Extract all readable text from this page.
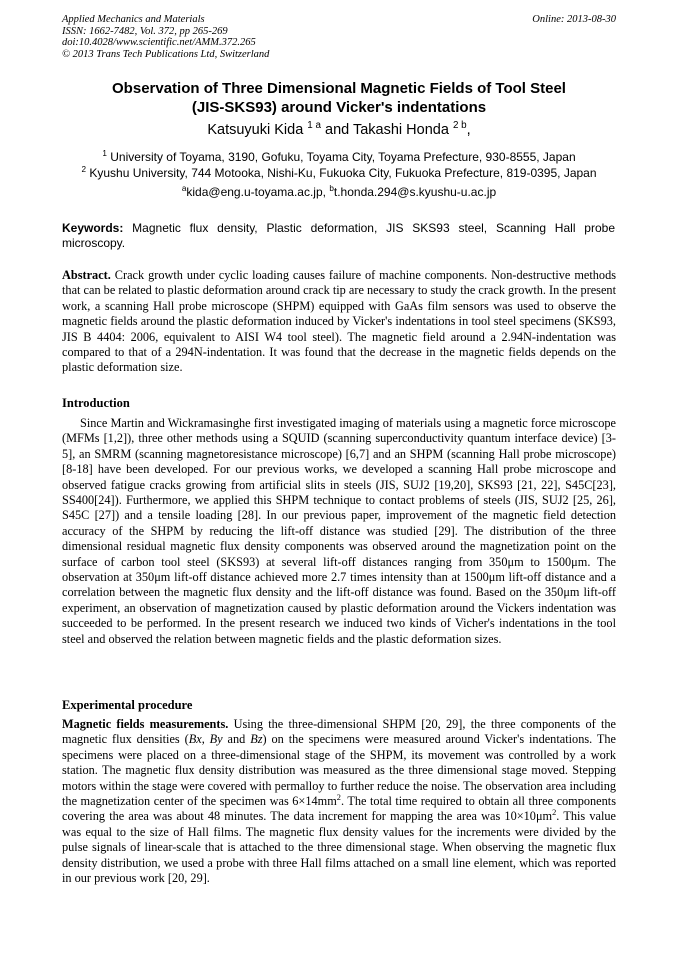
Applied Mechanics and Materials
ISSN: 1662-7482, Vol. 372, pp 265-269
doi:10.4028/www.scientific.net/AMM.372.265
© 2013 Trans Tech Publications Ltd, Switzerland
Online: 2013-08-30
Observation of Three Dimensional Magnetic Fields of Tool Steel
(JIS-SKS93) around Vicker's indentations
Katsuyuki Kida $^{1 a}$ and Takashi Honda $^{2 b}$,
$^1$ University of Toyama, 3190, Gofuku, Toyama City, Toyama Prefecture, 930-8555, Japan
$^2$ Kyushu University, 744 Motooka, Nishi-Ku, Fukuoka City, Fukuoka Prefecture, 819-0395, Japan
$^a$kida@eng.u-toyama.ac.jp, $^b$t.honda.294@s.kyushu-u.ac.jp
Keywords: Magnetic flux density, Plastic deformation, JIS SKS93 steel, Scanning Hall probe microscopy.
Abstract. Crack growth under cyclic loading causes failure of machine components. Non-destructive methods that can be related to plastic deformation around crack tip are necessary to study the crack growth. In the present work, a scanning Hall probe microscope (SHPM) equipped with GaAs film sensors was used to observe the magnetic fields around the plastic deformation induced by Vicker's indentations in tool steel specimens (SKS93, JIS B 4404: 2006, equivalent to AISI W4 tool steel). The magnetic field around a 2.94N-indentation was compared to that of a 294N-indentation. It was found that the decrease in the magnetic fields depends on the plastic deformation size.
Introduction
Since Martin and Wickramasinghe first investigated imaging of materials using a magnetic force microscope (MFMs [1,2]), three other methods using a SQUID (scanning superconductivity quantum interface device) [3-5], an SMRM (scanning magnetoresistance microscope) [6,7] and an SHPM (scanning Hall probe microscope) [8-18] have been developed. For our previous works, we developed a scanning Hall probe microscope and observed fatigue cracks growing from artificial slits in steels (JIS, SUJ2 [19,20], SKS93 [21, 22], S45C[23], SS400[24]). Furthermore, we applied this SHPM technique to contact problems of steels (JIS, SUJ2 [25, 26], S45C [27]) and a tensile loading [28]. In our previous paper, improvement of the magnetic field detection accuracy of the SHPM by reducing the lift-off distance was studied [29]. The distribution of the three dimensional residual magnetic flux density components was observed around the magnetization point on the surface of carbon tool steel (SKS93) at several lift-off distances ranging from 350μm to 1500μm. The observation at 350μm lift-off distance achieved more 2.7 times intensity than at 1500μm lift-off distance and a correlation between the magnetic flux density and the lift-off distance was found. Based on the 350μm lift-off experiment, an observation of magnetization caused by plastic deformation around the Vickers indentation was succeeded to be performed. In the present research we induced two kinds of Vicher's indentations in the tool steel and observed the relation between magnetic fields and the plastic deformation sizes.
Experimental procedure
Magnetic fields measurements. Using the three-dimensional SHPM [20, 29], the three components of the magnetic flux densities (Bx, By and Bz) on the specimens were measured around Vicker's indentations. The specimens were placed on a three-dimensional stage of the SHPM, its movement was controlled by a work station. The magnetic flux density distribution was measured as the three dimensional stage moved. Stepping motors within the stage were covered with permalloy to further reduce the noise. The observation area including the magnetization center of the specimen was $6\times 14mm^2$. The total time required to obtain all three components covering the area was about 48 minutes. The data increment for mapping the area was $10\times 10\mu m^2$. This value was equal to the size of Hall films. The magnetic flux density values for the increments were divided by the pulse signals of linear-scale that is attached to the three dimensional stage. When observing the magnetic flux density distribution, we used a probe with three Hall films attached on a small line element, which was reported in our previous work [20, 29].
